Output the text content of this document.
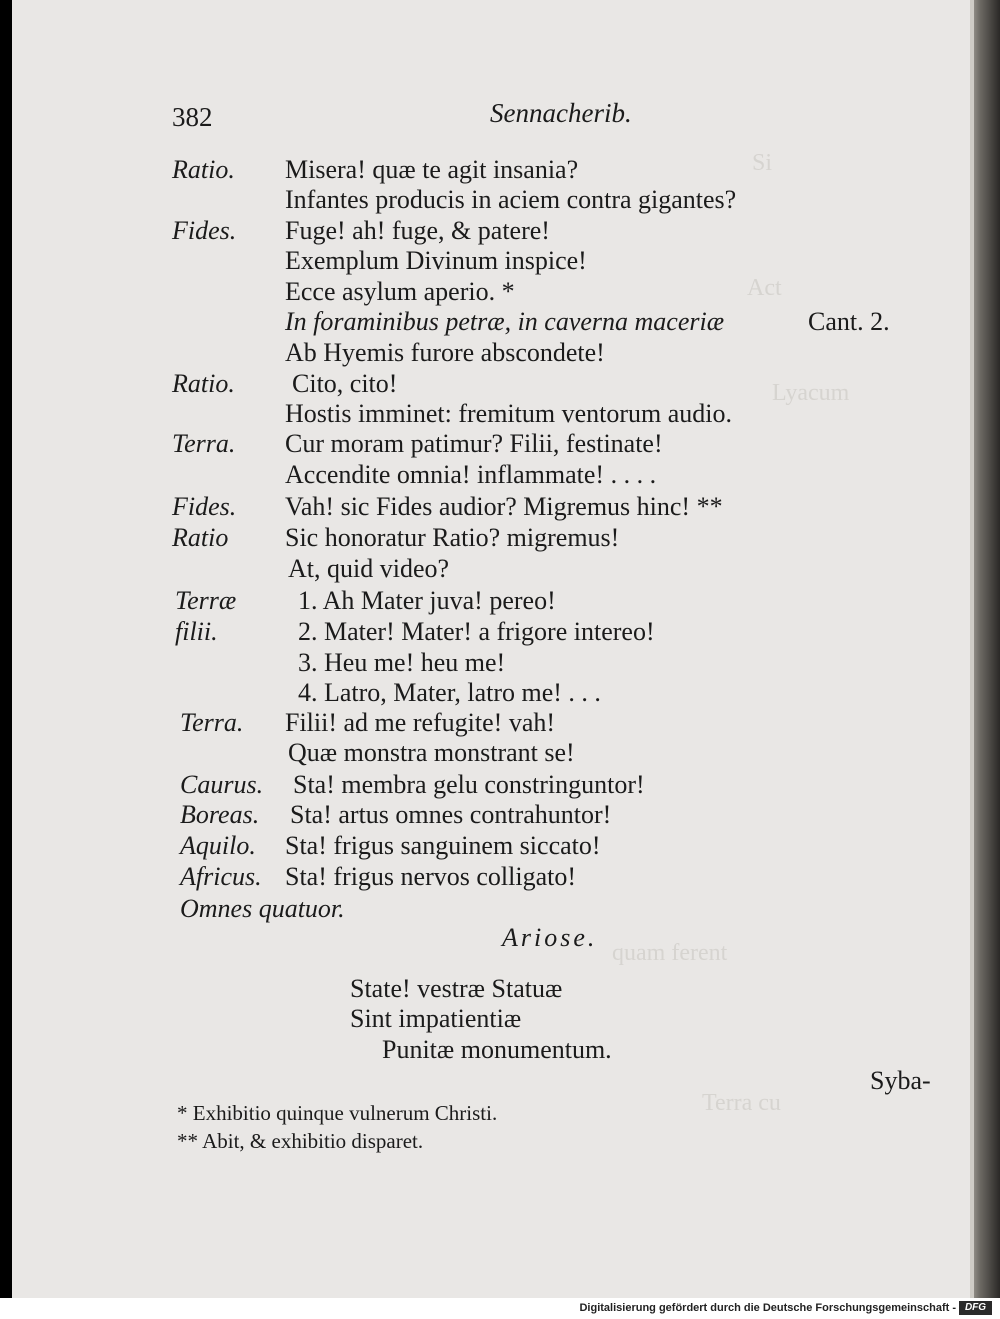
Si
Act
Lyacum
quam ferent
Terra cu
382	Sennacherib.
Ratio. Misera! quæ te agit insania?
Infantes producis in aciem contra gigantes?
Fides. Fuge! ah! fuge, & patere!
Exemplum Divinum inspice!
Ecce asylum aperio. *
In foraminibus petræ, in caverna maceriæ	Cant. 2.
Ab Hyemis furore abscondete!
Ratio. Cito, cito!
Hostis imminet: fremitum ventorum audio.
Terra. Cur moram patimur? Filii, festinate!
Accendite omnia! inflammate! . . . .
Fides. Vah! sic Fides audior? Migremus hinc! **
Ratio Sic honoratur Ratio? migremus!
At, quid video?
Terræ 1. Ah Mater juva! pereo!
filii.	2. Mater! Mater! a frigore intereo!
3. Heu me! heu me!
4. Latro, Mater, latro me! . . .
Terra. Filii! ad me refugite! vah!
Quæ monstra monstrant se!
Caurus. Sta! membra gelu constringuntor!
Boreas. Sta! artus omnes contrahuntor!
Aquilo. Sta! frigus sanguinem siccato!
Africus. Sta! frigus nervos colligato!
Omnes quatuor.
Ariose.
State! vestræ Statuæ
Sint impatientiæ
Punitæ monumentum.
Syba-
* Exhibitio quinque vulnerum Christi.
** Abit, & exhibitio disparet.
Digitalisierung gefördert durch die Deutsche Forschungsgemeinschaft - DFG
